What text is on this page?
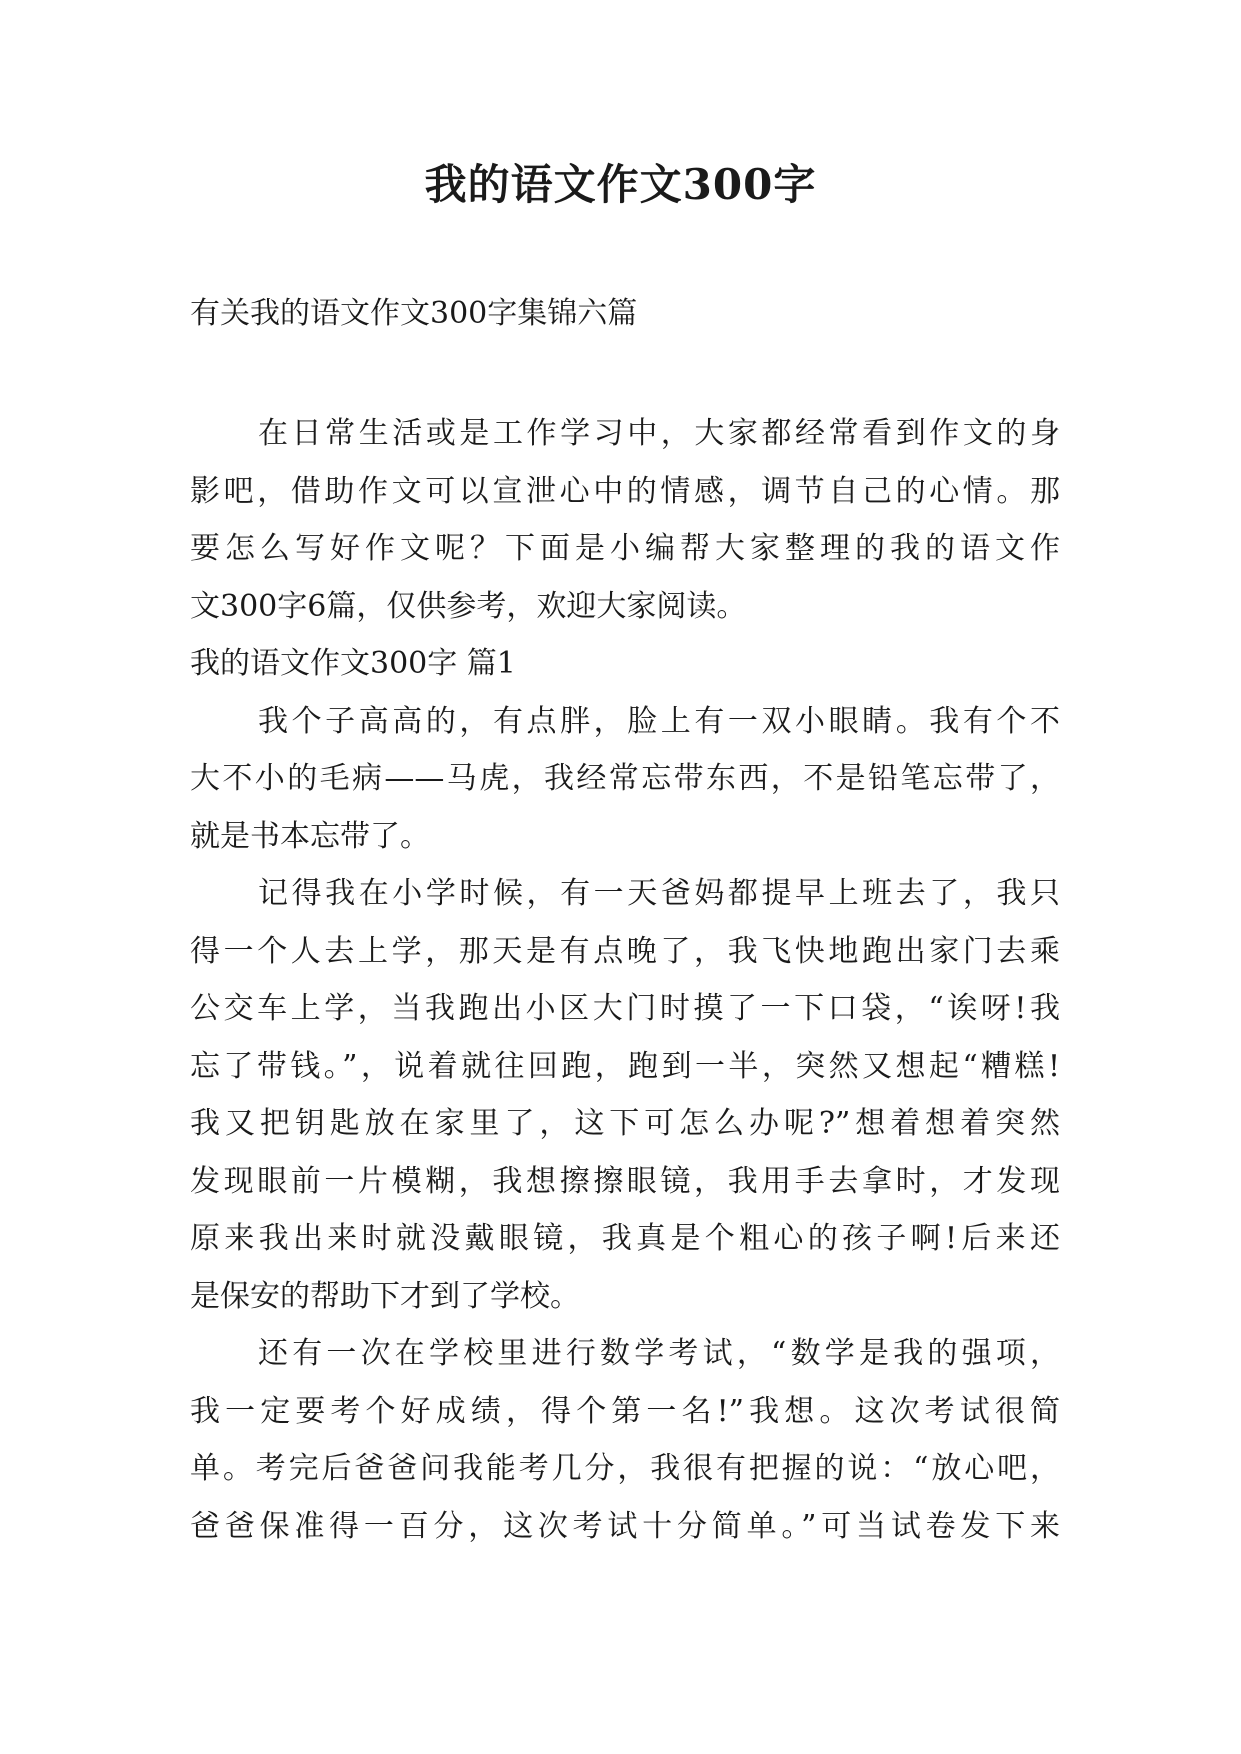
我的语文作文300字
有关我的语文作文300字集锦六篇
在日常生活或是工作学习中，大家都经常看到作文的身
影吧，借助作文可以宣泄心中的情感，调节自己的心情。那
要怎么写好作文呢？下面是小编帮大家整理的我的语文作
文300字6篇，仅供参考，欢迎大家阅读。
我的语文作文300字 篇1
我个子高高的，有点胖，脸上有一双小眼睛。我有个不
大不小的毛病——马虎，我经常忘带东西，不是铅笔忘带了，
就是书本忘带了。
记得我在小学时候，有一天爸妈都提早上班去了，我只
得一个人去上学，那天是有点晚了，我飞快地跑出家门去乘
公交车上学，当我跑出小区大门时摸了一下口袋，“诶呀!我
忘了带钱。”，说着就往回跑，跑到一半，突然又想起“糟糕!
我又把钥匙放在家里了，这下可怎么办呢?”想着想着突然
发现眼前一片模糊，我想擦擦眼镜，我用手去拿时，才发现
原来我出来时就没戴眼镜，我真是个粗心的孩子啊!后来还
是保安的帮助下才到了学校。
还有一次在学校里进行数学考试，“数学是我的强项，
我一定要考个好成绩，得个第一名!”我想。这次考试很简
单。考完后爸爸问我能考几分，我很有把握的说：“放心吧，
爸爸保准得一百分，这次考试十分简单。”可当试卷发下来
